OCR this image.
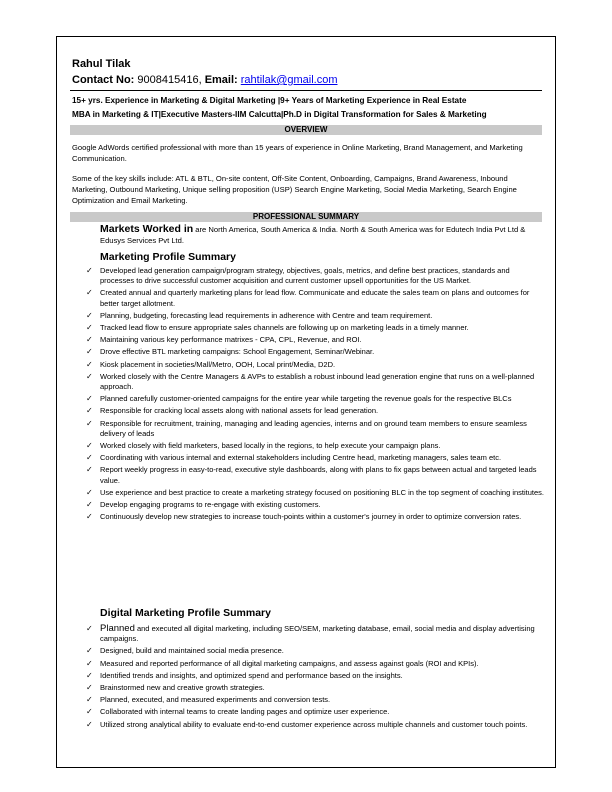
Rahul Tilak
Contact No: 9008415416, Email: rahtilak@gmail.com
15+ yrs. Experience in Marketing & Digital Marketing |9+ Years of Marketing Experience in Real Estate
MBA in Marketing & IT|Executive Masters-IIM Calcutta|Ph.D in Digital Transformation for Sales & Marketing
OVERVIEW
Google AdWords certified professional with more than 15 years of experience in Online Marketing, Brand Management, and Marketing Communication.
Some of the key skills include: ATL & BTL, On-site content, Off-Site Content, Onboarding, Campaigns, Brand Awareness, Inbound Marketing, Outbound Marketing, Unique selling proposition (USP) Search Engine Marketing, Social Media Marketing, Search Engine Optimization and Email Marketing.
PROFESSIONAL SUMMARY
Markets Worked in are North America, South America & India. North & South America was for Edutech India Pvt Ltd & Edusys Services Pvt Ltd.
Marketing Profile Summary
✓ Developed lead generation campaign/program strategy, objectives, goals, metrics, and define best practices, standards and processes to drive successful customer acquisition and current customer upsell opportunities for the US Market.
✓ Created annual and quarterly marketing plans for lead flow. Communicate and educate the sales team on plans and outcomes for better target allotment.
✓ Planning, budgeting, forecasting lead requirements in adherence with Centre and team requirement.
✓ Tracked lead flow to ensure appropriate sales channels are following up on marketing leads in a timely manner.
✓ Maintaining various key performance matrixes - CPA, CPL, Revenue, and ROI.
✓ Drove effective BTL marketing campaigns: School Engagement, Seminar/Webinar.
✓ Kiosk placement in societies/Mall/Metro, OOH, Local print/Media, D2D.
✓ Worked closely with the Centre Managers & AVPs to establish a robust inbound lead generation engine that runs on a well-planned approach.
✓ Planned carefully customer-oriented campaigns for the entire year while targeting the revenue goals for the respective BLCs
✓ Responsible for cracking local assets along with national assets for lead generation.
✓ Responsible for recruitment, training, managing and leading agencies, interns and on ground team members to ensure seamless delivery of leads
✓ Worked closely with field marketers, based locally in the regions, to help execute your campaign plans.
✓ Coordinating with various internal and external stakeholders including Centre head, marketing managers, sales team etc.
✓ Report weekly progress in easy-to-read, executive style dashboards, along with plans to fix gaps between actual and targeted leads value.
✓ Use experience and best practice to create a marketing strategy focused on positioning BLC in the top segment of coaching institutes.
✓ Develop engaging programs to re-engage with existing customers.
✓ Continuously develop new strategies to increase touch-points within a customer's journey in order to optimize conversion rates.
Digital Marketing Profile Summary
✓ Planned and executed all digital marketing, including SEO/SEM, marketing database, email, social media and display advertising campaigns.
✓ Designed, build and maintained social media presence.
✓ Measured and reported performance of all digital marketing campaigns, and assess against goals (ROI and KPIs).
✓ Identified trends and insights, and optimized spend and performance based on the insights.
✓ Brainstormed new and creative growth strategies.
✓ Planned, executed, and measured experiments and conversion tests.
✓ Collaborated with internal teams to create landing pages and optimize user experience.
✓ Utilized strong analytical ability to evaluate end-to-end customer experience across multiple channels and customer touch points.
